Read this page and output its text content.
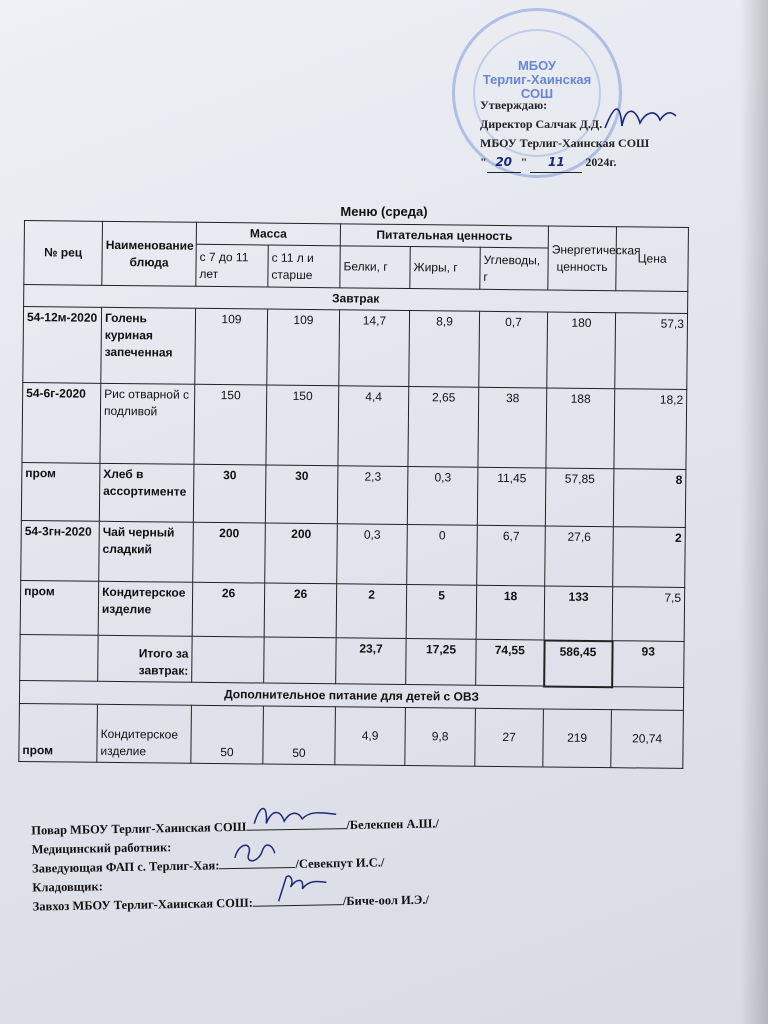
МБОУ
Терлиг-Хаинская
СОШ
Утверждаю:
Директор Салчак Д.Д.
МБОУ Терлиг-Хаинская СОШ
" 20 " 11 2024г.
Меню (среда)
№ рец	Наименование блюда	Масса		Питательная ценность			Энергетическая ценность	Цена
		с 7 до 11 лет	с 11 л и старше	Белки, г	Жиры, г	Углеводы, г		
Завтрак								
54-12м-2020	Голень куриная запеченная	109	109	14,7	8,9	0,7	180	57,3
54-6г-2020	Рис отварной с подливой	150	150	4,4	2,65	38	188	18,2
пром	Хлеб в ассортименте	30	30	2,3	0,3	11,45	57,85	8
54-3гн-2020	Чай черный сладкий	200	200	0,3	0	6,7	27,6	2
пром	Кондитерское изделие	26	26	2	5	18	133	7,5
	Итого за завтрак:			23,7	17,25	74,55	586,45	93
Дополнительное питание для детей с ОВЗ								
пром	Кондитерское изделие	50	50	4,9	9,8	27	219	20,74
Повар МБОУ Терлиг-Хаинская СОШ	/Белекпен А.Ш./
Медицинский работник:
Заведующая ФАП с. Терлиг-Хая:	/Севекпут И.С./
Кладовщик:
Завхоз МБОУ Терлиг-Хаинская СОШ:	/Биче-оол И.Э./
